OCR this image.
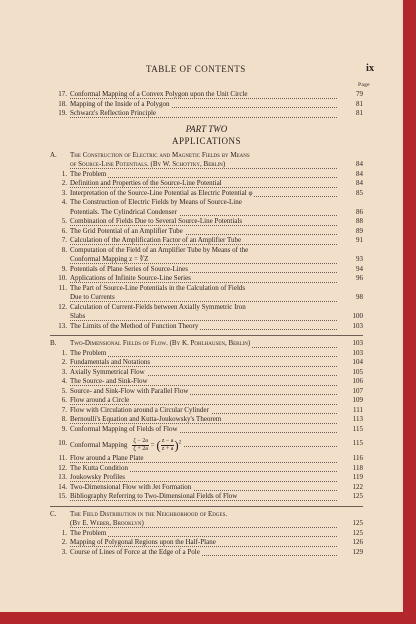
TABLE OF CONTENTS	ix
Page
17. Conformal Mapping of a Convex Polygon upon the Unit Circle	79
18. Mapping of the Inside of a Polygon	81
19. Schwarz's Reflection Principle	81
PART TWO
APPLICATIONS
A. The Construction of Electric and Magnetic Fields by Means
of Source-Line Potentials. (By W. Schottky, Berlin)	84
1. The Problem	84
2. Definition and Properties of the Source-Line Potential	84
3. Interpretation of the Source-Line Potential as Electric Potential φ	85
4. The Construction of Electric Fields by Means of Source-Line
Potentials. The Cylindrical Condenser	86
5. Combination of Fields Due to Several Source-Line Potentials	88
6. The Grid Potential of an Amplifier Tube	89
7. Calculation of the Amplification Factor of an Amplifier Tube	91
8. Computation of the Field of an Amplifier Tube by Means of the
Conformal Mapping z = ∜Z	93
9. Potentials of Plane Series of Source-Lines	94
10. Applications of Infinite Source-Line Series	96
11. The Part of Source-Line Potentials in the Calculation of Fields
Due to Currents	98
12. Calculation of Current-Fields between Axially Symmetric Iron
Slabs	100
13. The Limits of the Method of Function Theory	103
B. Two-Dimensional Fields of Flow. (By K. Pohlhausen, Berlin)	103
1. The Problem	103
2. Fundamentals and Notations	104
3. Axially Symmetrical Flow	105
4. The Source- and Sink-Flow	106
5. Source- and Sink-Flow with Parallel Flow	107
6. Flow around a Circle	109
7. Flow with Circulation around a Circular Cylinder	111
8. Bernoulli's Equation and Kutta-Joukowsky's Theorem	113
9. Conformal Mapping of Fields of Flow	115
10. Conformal Mapping $\frac{\zeta - 2a}{\zeta + 2a}$ = ( $\frac{z - a}{z + a} )^2$	115
11. Flow around a Plane Plate	116
12. The Kutta Condition	118
13. Joukowsky Profiles	119
14. Two-Dimensional Flow with Jet Formation	122
15. Bibliography Referring to Two-Dimensional Fields of Flow	125
C. The Field Distribution in the Neighborhood of Edges.
(By E. Weber, Brooklyn)	125
1. The Problem	125
2. Mapping of Polygonal Regions upon the Half-Plane	126
3. Course of Lines of Force at the Edge of a Pole	129
